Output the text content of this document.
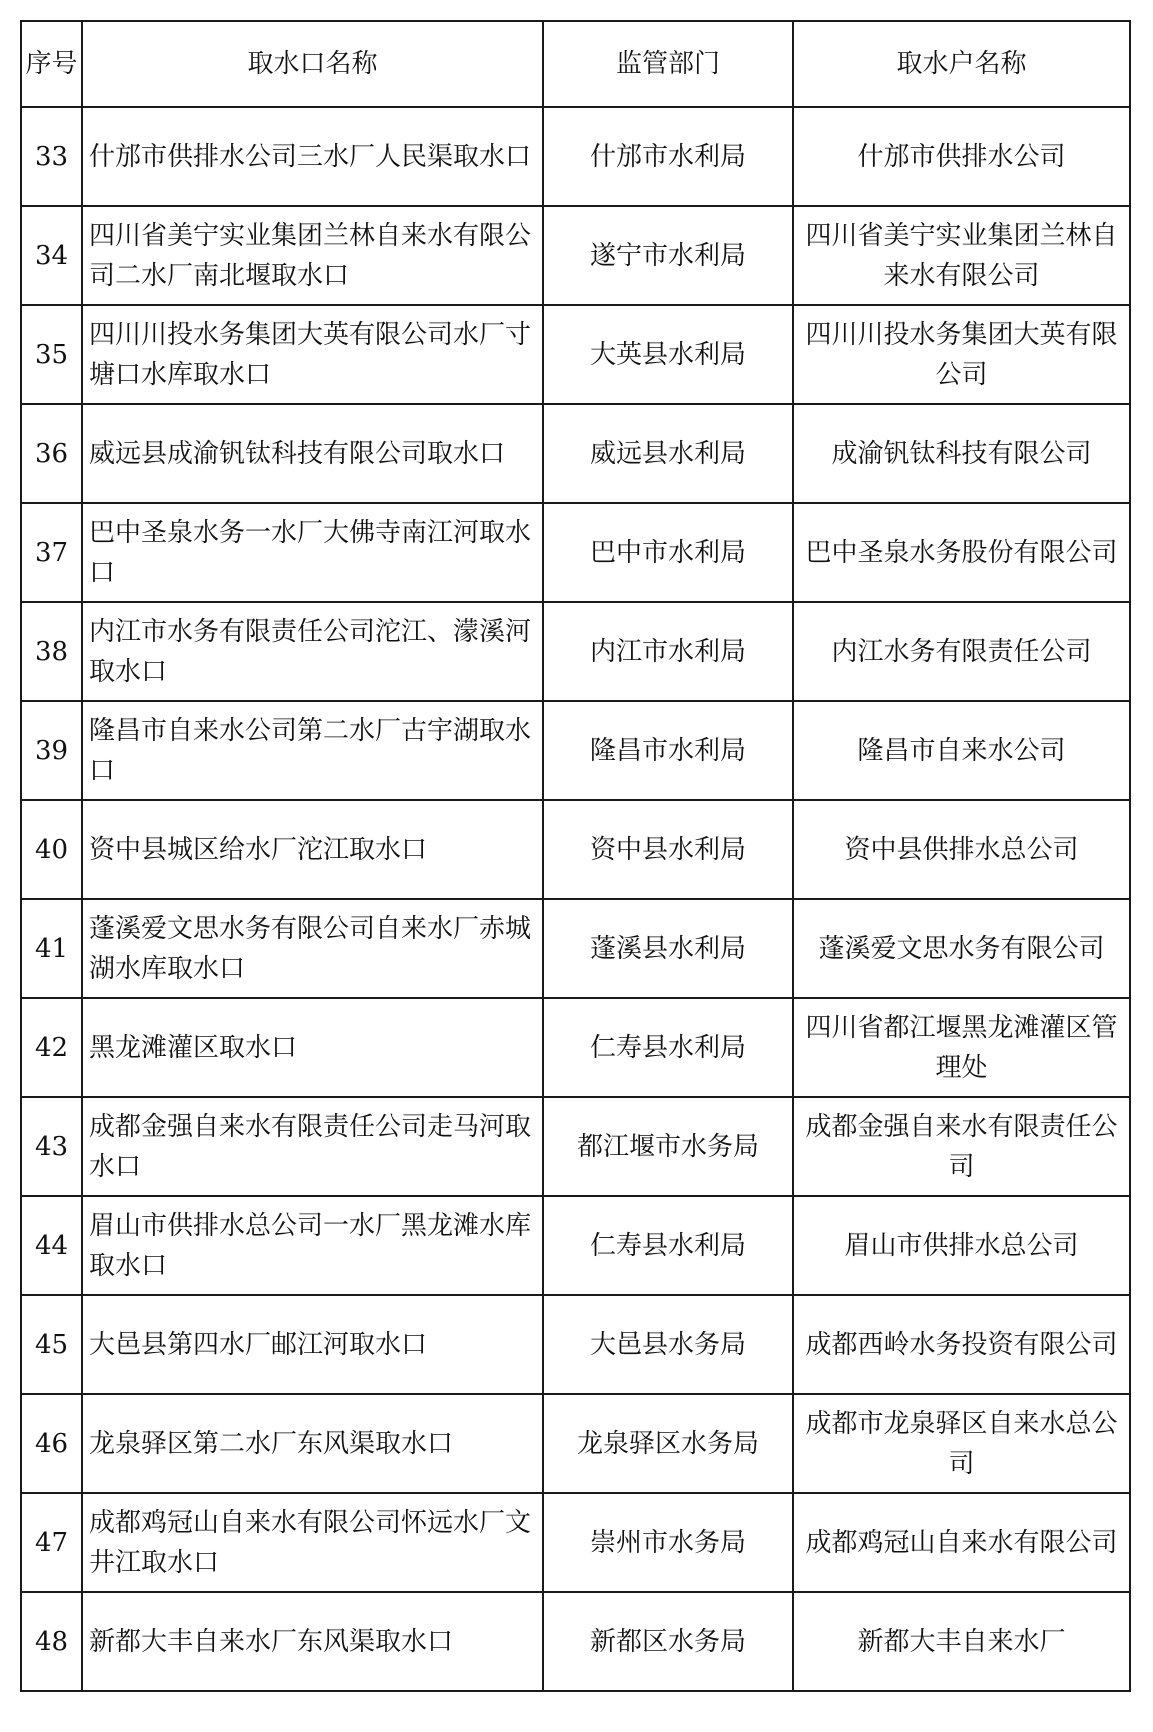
序号	取水口名称	监管部门	取水户名称

33	什邡市供排水公司三水厂人民渠取水口	什邡市水利局	什邡市供排水公司

34	四川省美宁实业集团兰林自来水有限公司二水厂南北堰取水口	遂宁市水利局	四川省美宁实业集团兰林自来水有限公司

35	四川川投水务集团大英有限公司水厂寸塘口水库取水口	大英县水利局	四川川投水务集团大英有限公司

36	威远县成渝钒钛科技有限公司取水口	威远县水利局	成渝钒钛科技有限公司

37	巴中圣泉水务一水厂大佛寺南江河取水口	巴中市水利局	巴中圣泉水务股份有限公司

38	内江市水务有限责任公司沱江、濛溪河取水口	内江市水利局	内江水务有限责任公司

39	隆昌市自来水公司第二水厂古宇湖取水口	隆昌市水利局	隆昌市自来水公司

40	资中县城区给水厂沱江取水口	资中县水利局	资中县供排水总公司

41	蓬溪爱文思水务有限公司自来水厂赤城湖水库取水口	蓬溪县水利局	蓬溪爱文思水务有限公司

42	黑龙滩灌区取水口	仁寿县水利局	四川省都江堰黑龙滩灌区管理处

43	成都金强自来水有限责任公司走马河取水口	都江堰市水务局	成都金强自来水有限责任公司

44	眉山市供排水总公司一水厂黑龙滩水库取水口	仁寿县水利局	眉山市供排水总公司

45	大邑县第四水厂邮江河取水口	大邑县水务局	成都西岭水务投资有限公司

46	龙泉驿区第二水厂东风渠取水口	龙泉驿区水务局	成都市龙泉驿区自来水总公司

47	成都鸡冠山自来水有限公司怀远水厂文井江取水口	崇州市水务局	成都鸡冠山自来水有限公司

48	新都大丰自来水厂东风渠取水口	新都区水务局	新都大丰自来水厂
